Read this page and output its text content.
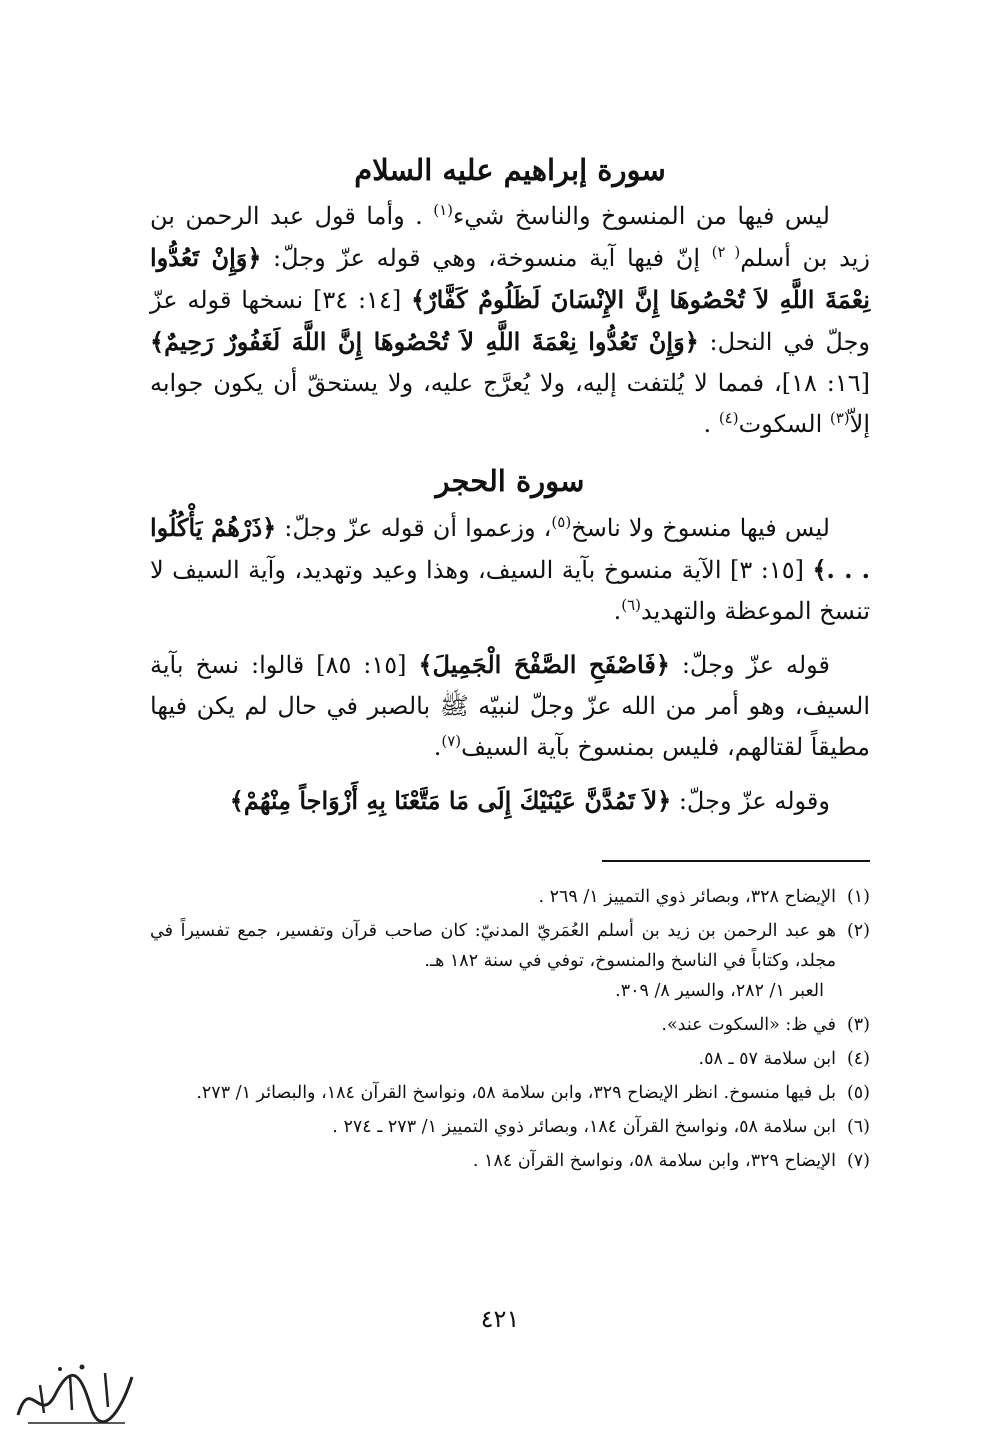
سورة إبراهيم عليه السلام

ليس فيها من المنسوخ والناسخ شيء$^{(١)}$ . وأما قول عبد الرحمن بن زيد بن أسلم$^{( ٢)}$ إنّ فيها آية منسوخة، وهي قوله عزّ وجلّ: ﴿وَإِنْ تَعُدُّوا نِعْمَةَ اللَّهِ لاَ تُحْصُوهَا إِنَّ الإِنْسَانَ لَظَلُومٌ كَفَّارٌ﴾ [١٤: ٣٤] نسخها قوله عزّ وجلّ في النحل: ﴿وَإِنْ تَعُدُّوا نِعْمَةَ اللَّهِ لاَ تُحْصُوهَا إِنَّ اللَّهَ لَغَفُورٌ رَحِيمٌ﴾ [١٦: ١٨]، فمما لا يُلتفت إليه، ولا يُعرَّج عليه، ولا يستحقّ أن يكون جوابه إلاّ$^{(٣)}$ السكوت$^{(٤)}$ .

سورة الحجر

ليس فيها منسوخ ولا ناسخ$^{(٥)}$، وزعموا أن قوله عزّ وجلّ: ﴿ذَرْهُمْ يَأْكُلُوا . . .﴾ [١٥: ٣] الآية منسوخ بآية السيف، وهذا وعيد وتهديد، وآية السيف لا تنسخ الموعظة والتهديد$^{(٦)}$.

قوله عزّ وجلّ: ﴿فَاصْفَحِ الصَّفْحَ الْجَمِيلَ﴾ [١٥: ٨٥] قالوا: نسخ بآية السيف، وهو أمر من الله عزّ وجلّ لنبيّه ﷺ بالصبر في حال لم يكن فيها مطيقاً لقتالهم، فليس بمنسوخ بآية السيف$^{(٧)}$.

وقوله عزّ وجلّ: ﴿لاَ تَمُدَّنَّ عَيْنَيْكَ إِلَى مَا مَتَّعْنَا بِهِ أَزْوَاجاً مِنْهُمْ﴾

(١)الإيضاح ٣٢٨، وبصائر ذوي التمييز ١/ ٢٦٩ .

(٢)هو عبد الرحمن بن زيد بن أسلم العُمَريّ المدنيّ: كان صاحب قرآن وتفسير، جمع تفسيراً في مجلد، وكتاباً في الناسخ والمنسوخ، توفي في سنة ١٨٢ هـ.
العبر ١/ ٢٨٢، والسير ٨/ ٣٠٩.

(٣)في ظ: «السكوت عند».

(٤)ابن سلامة ٥٧ ـ ٥٨.

(٥)بل فيها منسوخ. انظر الإيضاح ٣٢٩، وابن سلامة ٥٨، ونواسخ القرآن ١٨٤، والبصائر ١/ ٢٧٣.

(٦)ابن سلامة ٥٨، ونواسخ القرآن ١٨٤، وبصائر ذوي التمييز ١/ ٢٧٣ ـ ٢٧٤ .

(٧)الإيضاح ٣٢٩، وابن سلامة ٥٨، ونواسخ القرآن ١٨٤ .

٤٢١
